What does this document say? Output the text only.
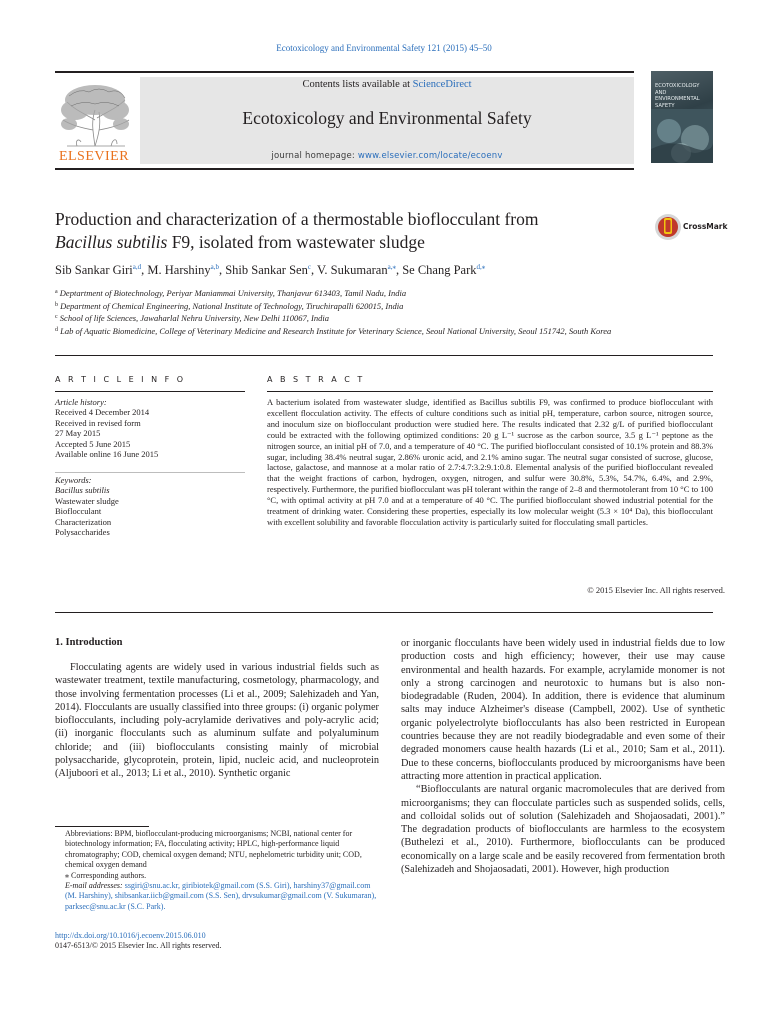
Ecotoxicology and Environmental Safety 121 (2015) 45–50
ELSEVIER
Contents lists available at ScienceDirect
Ecotoxicology and Environmental Safety
journal homepage: www.elsevier.com/locate/ecoenv
ECOTOXICOLOGY AND ENVIRONMENTAL SAFETY
Production and characterization of a thermostable bioflocculant from
Bacillus subtilis F9, isolated from wastewater sludge
CrossMark
Sib Sankar Giri$^{a,d}$, M. Harshiny$^{a,b}$, Shib Sankar Sen$^c$, V. Sukumaran$^{a,⁎}$, Se Chang Park$^{d,⁎}$
$^a$ Deptartment of Biotechnology, Periyar Maniammai University, Thanjavur 613403, Tamil Nadu, India
$^b$ Department of Chemical Engineering, National Institute of Technology, Tiruchirapalli 620015, India
$^c$ School of life Sciences, Jawaharlal Nehru University, New Delhi 110067, India
$^d$ Lab of Aquatic Biomedicine, College of Veterinary Medicine and Research Institute for Veterinary Science, Seoul National University, Seoul 151742, South Korea
A R T I C L E I N F O
Article history:
Received 4 December 2014
Received in revised form
27 May 2015
Accepted 5 June 2015
Available online 16 June 2015
Keywords:
Bacillus subtilis
Wastewater sludge
Bioflocculant
Characterization
Polysaccharides
A B S T R A C T
A bacterium isolated from wastewater sludge, identified as Bacillus subtilis F9, was confirmed to produce bioflocculant with excellent flocculation activity. The effects of culture conditions such as initial pH, temperature, carbon source, nitrogen source, and inoculum size on bioflocculant production were studied here. The results indicated that 2.32 g/L of purified bioflocculant could be extracted with the following optimized conditions: 20 g L⁻¹ sucrose as the carbon source, 3.5 g L⁻¹ peptone as the nitrogen source, an initial pH of 7.0, and a temperature of 40 °C. The purified bioflocculant consisted of 10.1% protein and 88.3% sugar, including 38.4% neutral sugar, 2.86% uronic acid, and 2.1% amino sugar. The neutral sugar consisted of sucrose, glucose, lactose, galactose, and mannose at a molar ratio of 2.7:4.7:3.2:9.1:0.8. Elemental analysis of the purified bioflocculant revealed that the weight fractions of carbon, hydrogen, oxygen, nitrogen, and sulfur were 30.8%, 5.3%, 54.7%, 6.4%, and 2.9%, respectively. Furthermore, the purified bioflocculant was pH tolerant within the range of 2–8 and thermotolerant from 10 °C to 100 °C, with optimal activity at pH 7.0 and at a temperature of 40 °C. The purified bioflocculant showed industrial potential for the treatment of drinking water. Considering these properties, especially its low molecular weight (5.3 × 10⁴ Da), this bioflocculant with excellent solubility and favorable flocculation activity is particularly suited for flocculating small particles.
© 2015 Elsevier Inc. All rights reserved.
1. Introduction

Flocculating agents are widely used in various industrial fields such as wastewater treatment, textile manufacturing, cosmetology, pharmacology, and those involving fermentation processes (Li et al., 2009; Salehizadeh and Yan, 2014). Flocculants are usually classified into three groups: (i) organic polymer bioflocculants, including poly-acrylamide derivatives and poly-acrylic acid; (ii) inorganic flocculants such as aluminum sulfate and polyaluminum chloride; and (iii) bioflocculants consisting mainly of microbial polysaccharide, glycoprotein, protein, lipid, nucleic acid, and nucleoprotein (Aljuboori et al., 2013; Li et al., 2010). Synthetic organic

or inorganic flocculants have been widely used in industrial fields due to low production costs and high efficiency; however, their use may cause environmental and health hazards. For example, acrylamide monomer is not only a strong carcinogen and neurotoxic to humans but is also non-biodegradable (Ruden, 2004). In addition, there is evidence that aluminum salts may induce Alzheimer's disease (Campbell, 2002). Use of synthetic organic polyelectrolyte bioflocculants has also been restricted in European countries because they are not readily biodegradable and even some of their degraded monomers cause health hazards (Li et al., 2010; Sam et al., 2011). Due to these concerns, bioflocculants produced by microorganisms have been attracting more attention in practical application.

“Bioflocculants are natural organic macromolecules that are derived from microorganisms; they can flocculate particles such as suspended solids, cells, and colloidal solids out of solution (Salehizadeh and Shojaosadati, 2001).” The degradation products of bioflocculants are harmless to the ecosystem (Buthelezi et al., 2010). Furthermore, bioflocculants can be produced economically on a large scale and be easily recovered from fermentation broth (Salehizadeh and Shojaosadati, 2001). However, high production

Abbreviations: BPM, bioflocculant-producing microorganisms; NCBI, national center for biotechnology information; FA, flocculating activity; HPLC, high-performance liquid chromatography; COD, chemical oxygen demand; NTU, nephelometric turbidity unit; COD, chemical oxygen demand

⁎ Corresponding authors.

E-mail addresses: ssgiri@snu.ac.kr, giribiotek@gmail.com (S.S. Giri), harshiny37@gmail.com (M. Harshiny), shibsankar.iicb@gmail.com (S.S. Sen), drvsukumar@gmail.com (V. Sukumaran), parksec@snu.ac.kr (S.C. Park).

http://dx.doi.org/10.1016/j.ecoenv.2015.06.010
0147-6513/© 2015 Elsevier Inc. All rights reserved.
